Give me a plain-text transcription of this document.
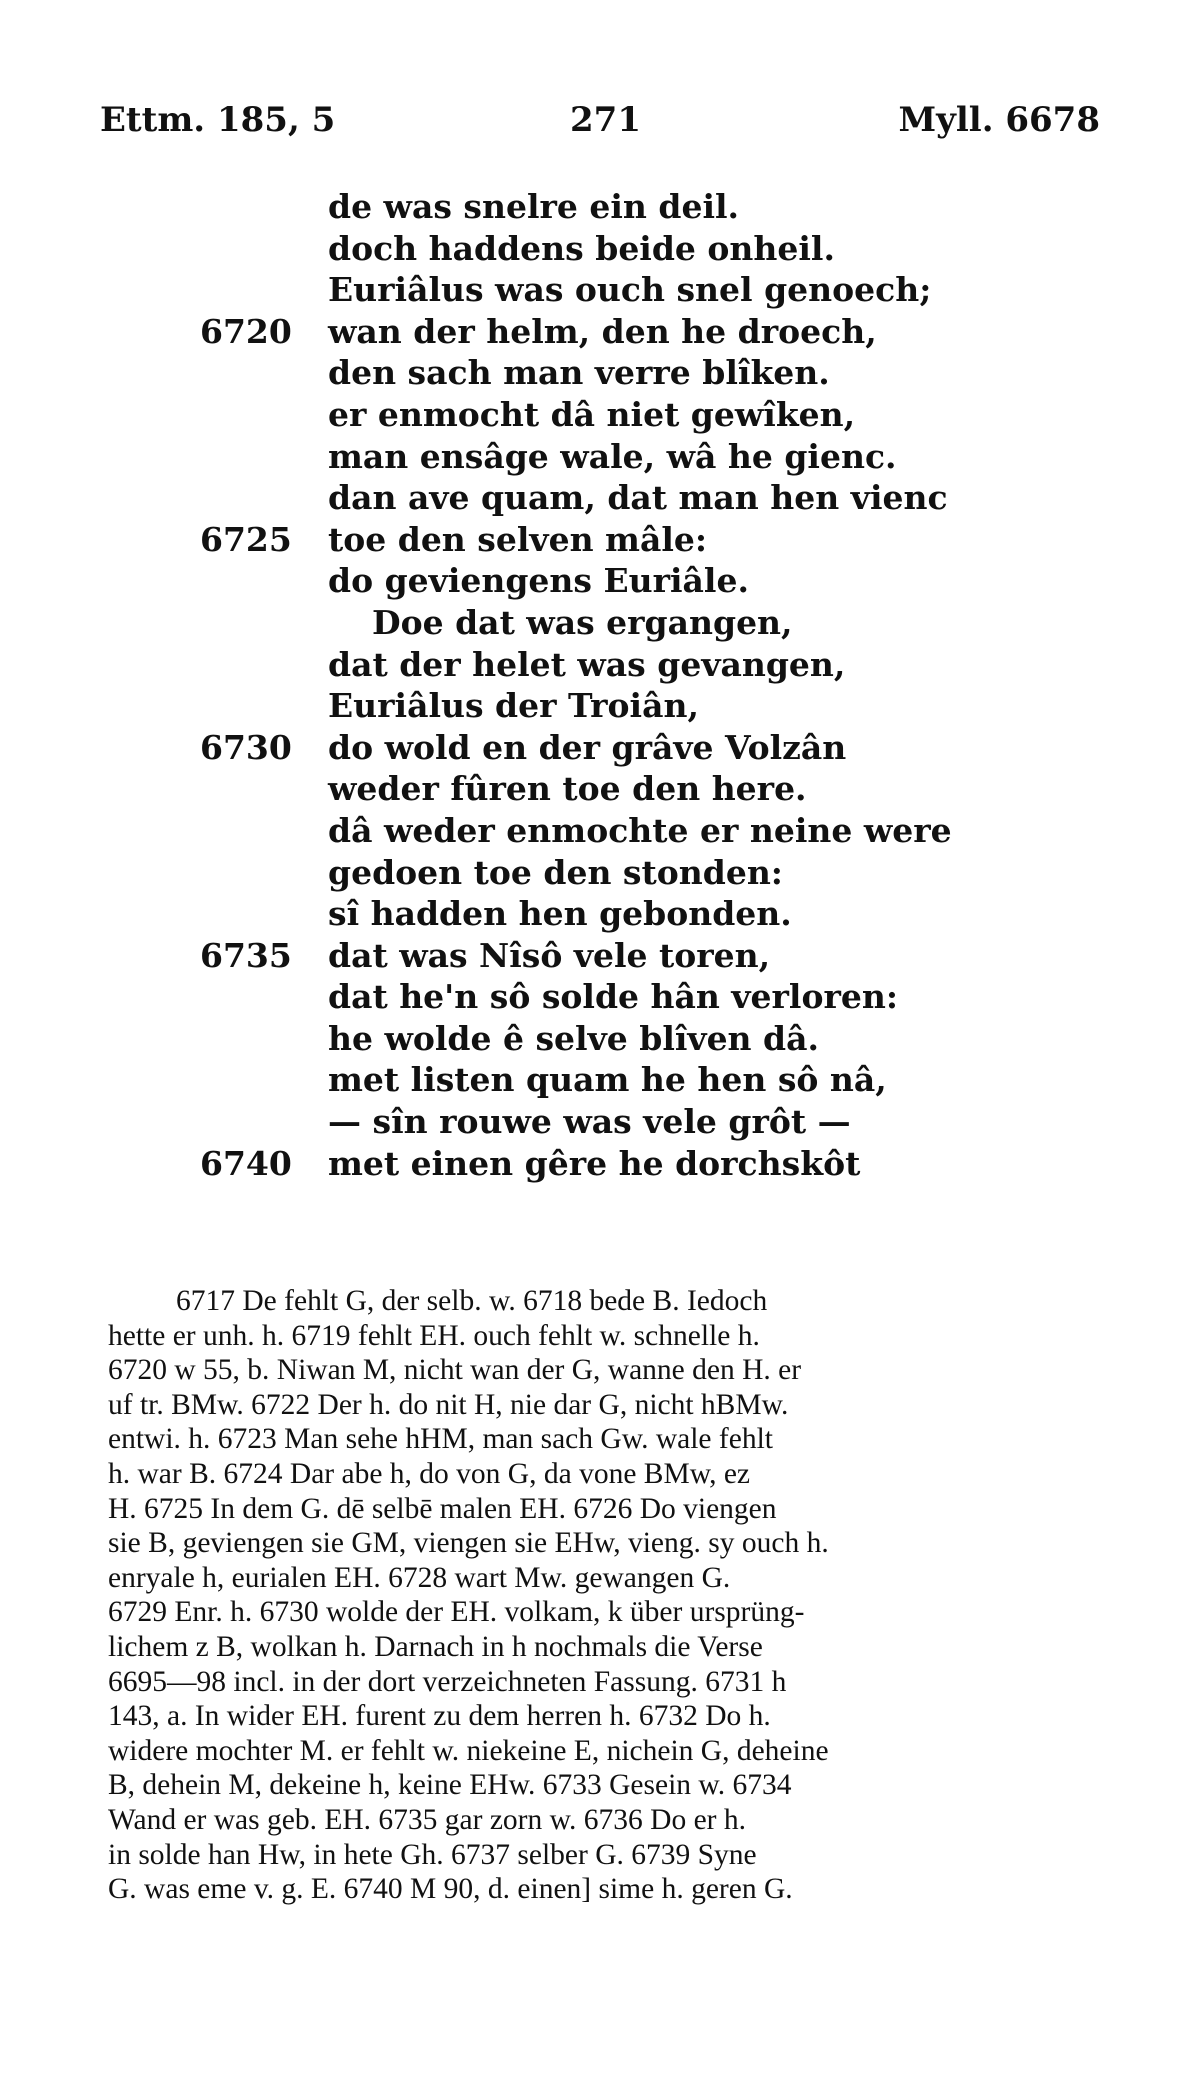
Ettm. 185, 5	271	Myll. 6678
de was snelre ein deil.
doch haddens beide onheil.
Euriâlus was ouch snel genoech;
6720 wan der helm, den he droech,
den sach man verre blîken.
er enmocht dâ niet gewîken,
man ensâge wale, wâ he gienc.
dan ave quam, dat man hen vienc
6725 toe den selven mâle:
do geviengens Euriâle.
Doe dat was ergangen,
dat der helet was gevangen,
Euriâlus der Troiân,
6730 do wold en der grâve Volzân
weder fûren toe den here.
dâ weder enmochte er neine were
gedoen toe den stonden:
sî hadden hen gebonden.
6735 dat was Nîsô vele toren,
dat he'n sô solde hân verloren:
he wolde ê selve blîven dâ.
met listen quam he hen sô nâ,
— sîn rouwe was vele grôt —
6740 met einen gêre he dorchskôt
6717 De fehlt G, der selb. w. 6718 bede B. Iedoch
hette er unh. h. 6719 fehlt EH. ouch fehlt w. schnelle h.
6720 w 55, b. Niwan M, nicht wan der G, wanne den H. er
uf tr. BMw. 6722 Der h. do nit H, nie dar G, nicht hBMw.
entwi. h. 6723 Man sehe hHM, man sach Gw. wale fehlt
h. war B. 6724 Dar abe h, do von G, da vone BMw, ez
H. 6725 In dem G. dē selbē malen EH. 6726 Do viengen
sie B, geviengen sie GM, viengen sie EHw, vieng. sy ouch h.
enryale h, eurialen EH. 6728 wart Mw. gewangen G.
6729 Enr. h. 6730 wolde der EH. volkam, k über ursprüng-
lichem z B, wolkan h. Darnach in h nochmals die Verse
6695—98 incl. in der dort verzeichneten Fassung. 6731 h
143, a. In wider EH. furent zu dem herren h. 6732 Do h.
widere mochter M. er fehlt w. niekeine E, nichein G, deheine
B, dehein M, dekeine h, keine EHw. 6733 Gesein w. 6734
Wand er was geb. EH. 6735 gar zorn w. 6736 Do er h.
in solde han Hw, in hete Gh. 6737 selber G. 6739 Syne
G. was eme v. g. E. 6740 M 90, d. einen] sime h. geren G.
